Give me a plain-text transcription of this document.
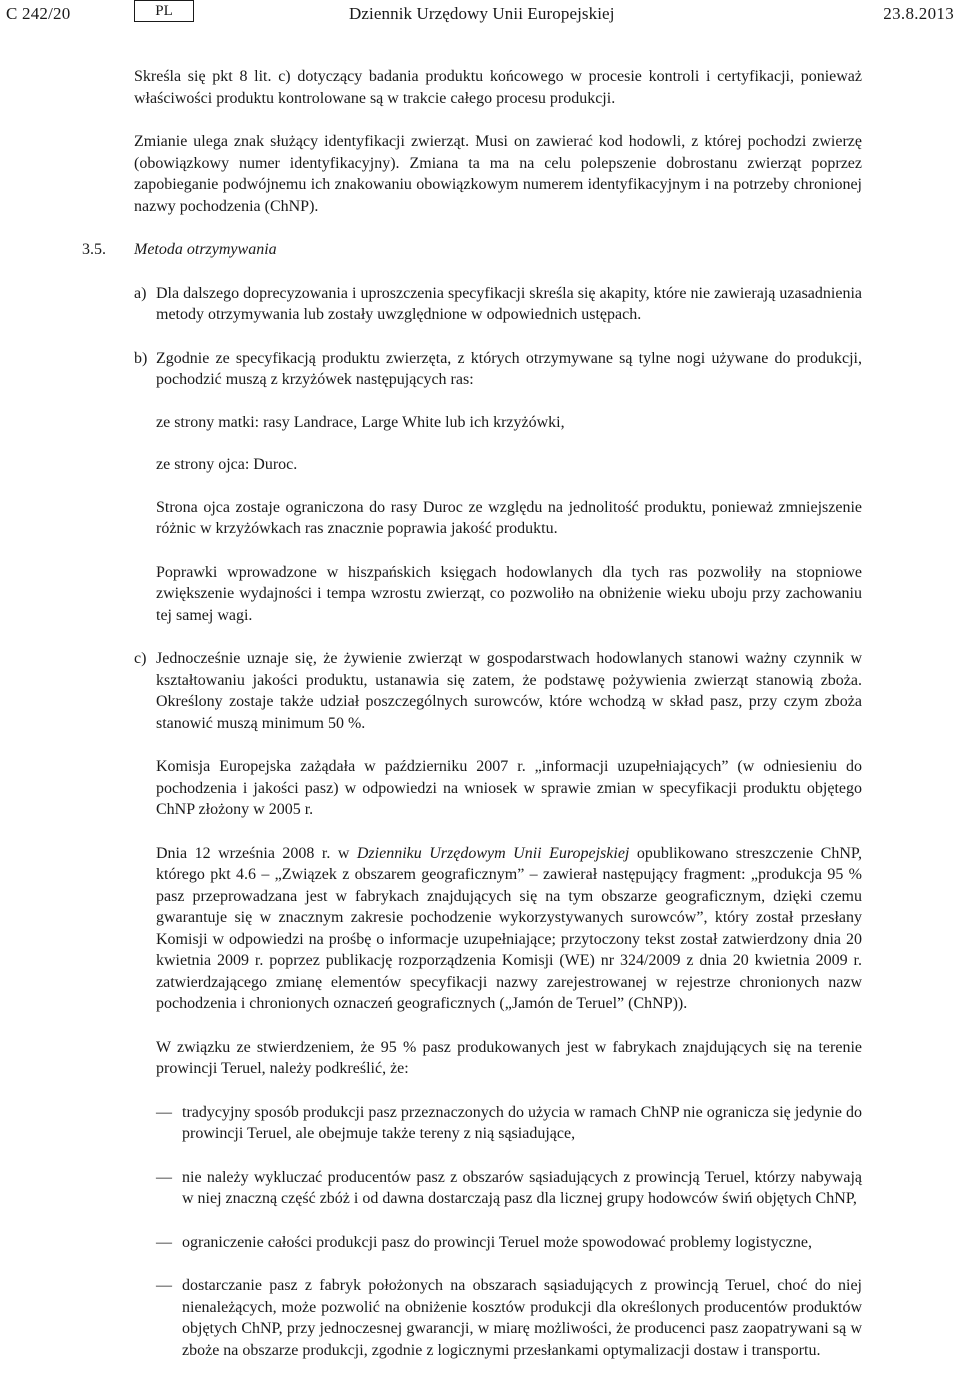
C 242/20	PL	Dziennik Urzędowy Unii Europejskiej	23.8.2013

Skreśla się pkt 8 lit. c) dotyczący badania produktu końcowego w procesie kontroli i certyfikacji, ponieważ właściwości produktu kontrolowane są w trakcie całego procesu produkcji.

Zmianie ulega znak służący identyfikacji zwierząt. Musi on zawierać kod hodowli, z której pochodzi zwierzę (obowiązkowy numer identyfikacyjny). Zmiana ta ma na celu polepszenie dobrostanu zwierząt poprzez zapobieganie podwójnemu ich znakowaniu obowiązkowym numerem identyfikacyjnym i na potrzeby chronionej nazwy pochodzenia (ChNP).

3.5.	Metoda otrzymywania
a) Dla dalszego doprecyzowania i uproszczenia specyfikacji skreśla się akapity, które nie zawierają uzasadnienia metody otrzymywania lub zostały uwzględnione w odpowiednich ustępach.
b) Zgodnie ze specyfikacją produktu zwierzęta, z których otrzymywane są tylne nogi używane do produkcji, pochodzić muszą z krzyżówek następujących ras:

ze strony matki: rasy Landrace, Large White lub ich krzyżówki,

ze strony ojca: Duroc.

Strona ojca zostaje ograniczona do rasy Duroc ze względu na jednolitość produktu, ponieważ zmniejszenie różnic w krzyżówkach ras znacznie poprawia jakość produktu.

Poprawki wprowadzone w hiszpańskich księgach hodowlanych dla tych ras pozwoliły na stopniowe zwiększenie wydajności i tempa wzrostu zwierząt, co pozwoliło na obniżenie wieku uboju przy zachowaniu tej samej wagi.

c) Jednocześnie uznaje się, że żywienie zwierząt w gospodarstwach hodowlanych stanowi ważny czynnik w kształtowaniu jakości produktu, ustanawia się zatem, że podstawę pożywienia zwierząt stanowią zboża. Określony zostaje także udział poszczególnych surowców, które wchodzą w skład pasz, przy czym zboża stanowić muszą minimum 50 %.

Komisja Europejska zażądała w październiku 2007 r. „informacji uzupełniających” (w odniesieniu do pochodzenia i jakości pasz) w odpowiedzi na wniosek w sprawie zmian w specyfikacji produktu objętego ChNP złożony w 2005 r.

Dnia 12 września 2008 r. w Dzienniku Urzędowym Unii Europejskiej opublikowano streszczenie ChNP, którego pkt 4.6 – „Związek z obszarem geograficznym” – zawierał następujący fragment: „produkcja 95 % pasz przeprowadzana jest w fabrykach znajdujących się na tym obszarze geograficznym, dzięki czemu gwarantuje się w znacznym zakresie pochodzenie wykorzystywanych surowców”, który został przesłany Komisji w odpowiedzi na prośbę o informacje uzupełniające; przytoczony tekst został zatwierdzony dnia 20 kwietnia 2009 r. poprzez publikację rozporządzenia Komisji (WE) nr 324/2009 z dnia 20 kwietnia 2009 r. zatwierdzającego zmianę elementów specyfikacji nazwy zarejestrowanej w rejestrze chronionych nazw pochodzenia i chronionych oznaczeń geograficznych („Jamón de Teruel” (ChNP)).

W związku ze stwierdzeniem, że 95 % pasz produkowanych jest w fabrykach znajdujących się na terenie prowincji Teruel, należy podkreślić, że:

— tradycyjny sposób produkcji pasz przeznaczonych do użycia w ramach ChNP nie ogranicza się jedynie do prowincji Teruel, ale obejmuje także tereny z nią sąsiadujące,
— nie należy wykluczać producentów pasz z obszarów sąsiadujących z prowincją Teruel, którzy nabywają w niej znaczną część zbóż i od dawna dostarczają pasz dla licznej grupy hodowców świń objętych ChNP,
— ograniczenie całości produkcji pasz do prowincji Teruel może spowodować problemy logistyczne,
— dostarczanie pasz z fabryk położonych na obszarach sąsiadujących z prowincją Teruel, choć do niej nienależących, może pozwolić na obniżenie kosztów produkcji dla określonych producentów produktów objętych ChNP, przy jednoczesnej gwarancji, w miarę możliwości, że producenci pasz zaopatrywani są w zboże na obszarze produkcji, zgodnie z logicznymi przesłankami optymalizacji dostaw i transportu.
